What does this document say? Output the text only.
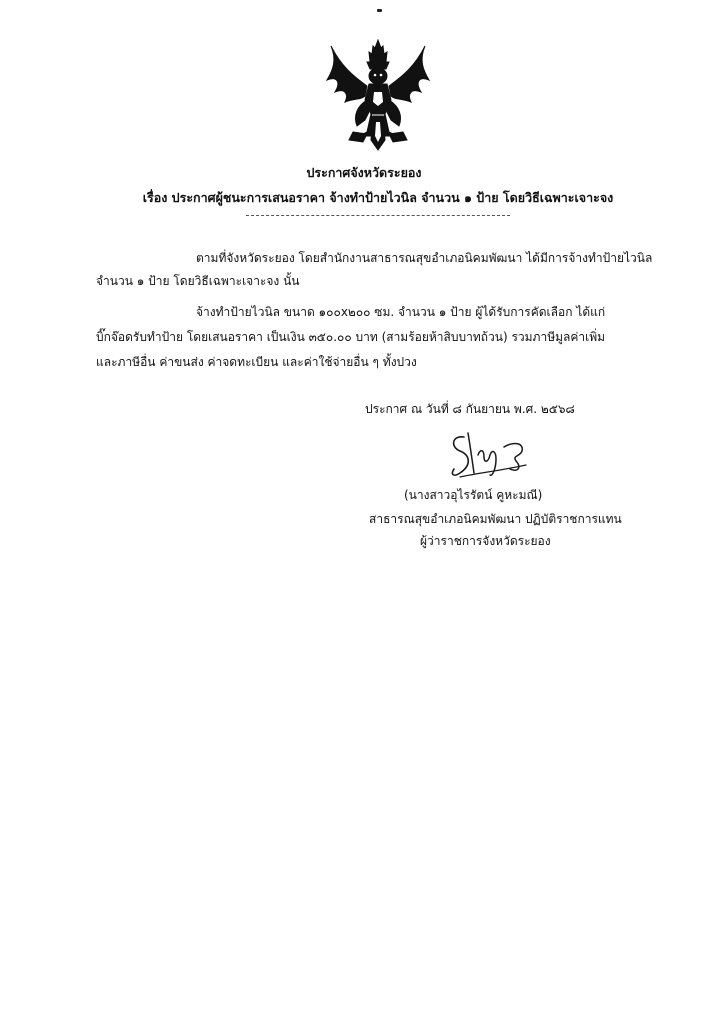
ประกาศจังหวัดระยอง
เรื่อง ประกาศผู้ชนะการเสนอราคา จ้างทำป้ายไวนิล จำนวน ๑ ป้าย โดยวิธีเฉพาะเจาะจง
ตามที่จังหวัดระยอง โดยสำนักงานสาธารณสุขอำเภอนิคมพัฒนา ได้มีการจ้างทำป้ายไวนิล
จำนวน ๑ ป้าย โดยวิธีเฉพาะเจาะจง นั้น
จ้างทำป้ายไวนิล ขนาด ๑๐๐x๒๐๐ ซม. จำนวน ๑ ป้าย ผู้ได้รับการคัดเลือก ได้แก่
บิ๊กจ๊อดรับทำป้าย โดยเสนอราคา เป็นเงิน ๓๕๐.๐๐ บาท (สามร้อยห้าสิบบาทถ้วน) รวมภาษีมูลค่าเพิ่ม
และภาษีอื่น ค่าขนส่ง ค่าจดทะเบียน และค่าใช้จ่ายอื่น ๆ ทั้งปวง
ประกาศ ณ วันที่ ๘ กันยายน พ.ศ. ๒๕๖๘
(นางสาวอุไรรัตน์ คูหะมณี)
สาธารณสุขอำเภอนิคมพัฒนา ปฏิบัติราชการแทน
ผู้ว่าราชการจังหวัดระยอง
